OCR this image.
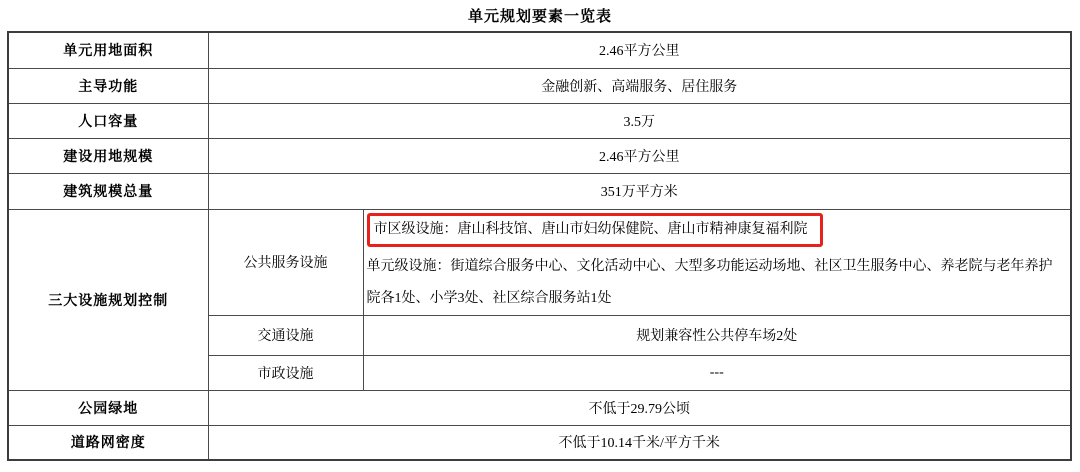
单元规划要素一览表
单元用地面积	2.46平方公里	
主导功能	金融创新、高端服务、居住服务	
人口容量	3.5万	
建设用地规模	2.46平方公里	
建筑规模总量	351万平方米	
三大设施规划控制	公共服务设施	市区级设施：唐山科技馆、唐山市妇幼保健院、唐山市精神康复福利院
单元级设施：街道综合服务中心、文化活动中心、大型多功能运动场地、社区卫生服务中心、养老院与老年养护院各1处、小学3处、社区综合服务站1处

	交通设施	规划兼容性公共停车场2处
	市政设施	---
公园绿地	不低于29.79公顷	
道路网密度	不低于10.14千米/平方千米	
